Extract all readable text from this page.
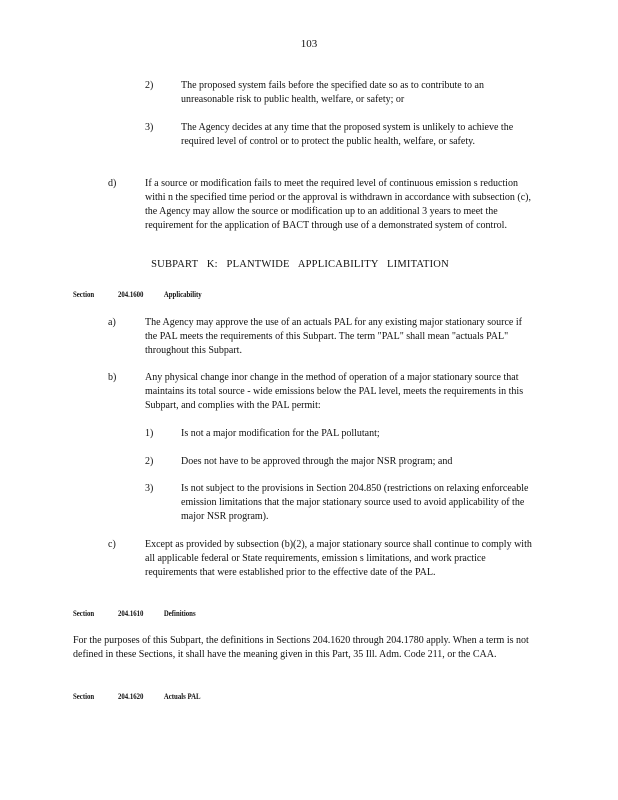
103
2)	The proposed system fails before the specified date so as to contribute to an unreasonable risk to public health, welfare, or safety; or
3)	The Agency decides at any time that the proposed system is unlikely to achieve the required level of control or to protect the public health, welfare, or safety.
d)	If a source or modification fails to meet the required level of continuous emission s reduction withi n the specified time period or the approval is withdrawn in accordance with subsection (c), the Agency may allow the source or modification up to an additional 3 years to meet the requirement for the application of BACT through use of a demonstrated system of control.
SUBPART K: PLANTWIDE APPLICABILITY LIMITATION
Section	204.1600	Applicability
a)	The Agency may approve the use of an actuals PAL for any existing major stationary source if the PAL meets the requirements of this Subpart. The term "PAL" shall mean "actuals PAL" throughout this Subpart.
b)	Any physical change inor change in the method of operation of a major stationary source that maintains its total source - wide emissions below the PAL level, meets the requirements in this Subpart, and complies with the PAL permit:
1)	Is not a major modification for the PAL pollutant;
2)	Does not have to be approved through the major NSR program; and
3)	Is not subject to the provisions in Section 204.850 (restrictions on relaxing enforceable emission limitations that the major stationary source used to avoid applicability of the major NSR program).
c)	Except as provided by subsection (b)(2), a major stationary source shall continue to comply with all applicable federal or State requirements, emission s limitations, and work practice requirements that were established prior to the effective date of the PAL.
Section	204.1610	Definitions
For the purposes of this Subpart, the definitions in Sections 204.1620 through 204.1780 apply. When a term is not defined in these Sections, it shall have the meaning given in this Part, 35 Ill. Adm. Code 211, or the CAA.
Section	204.1620	Actuals PAL
